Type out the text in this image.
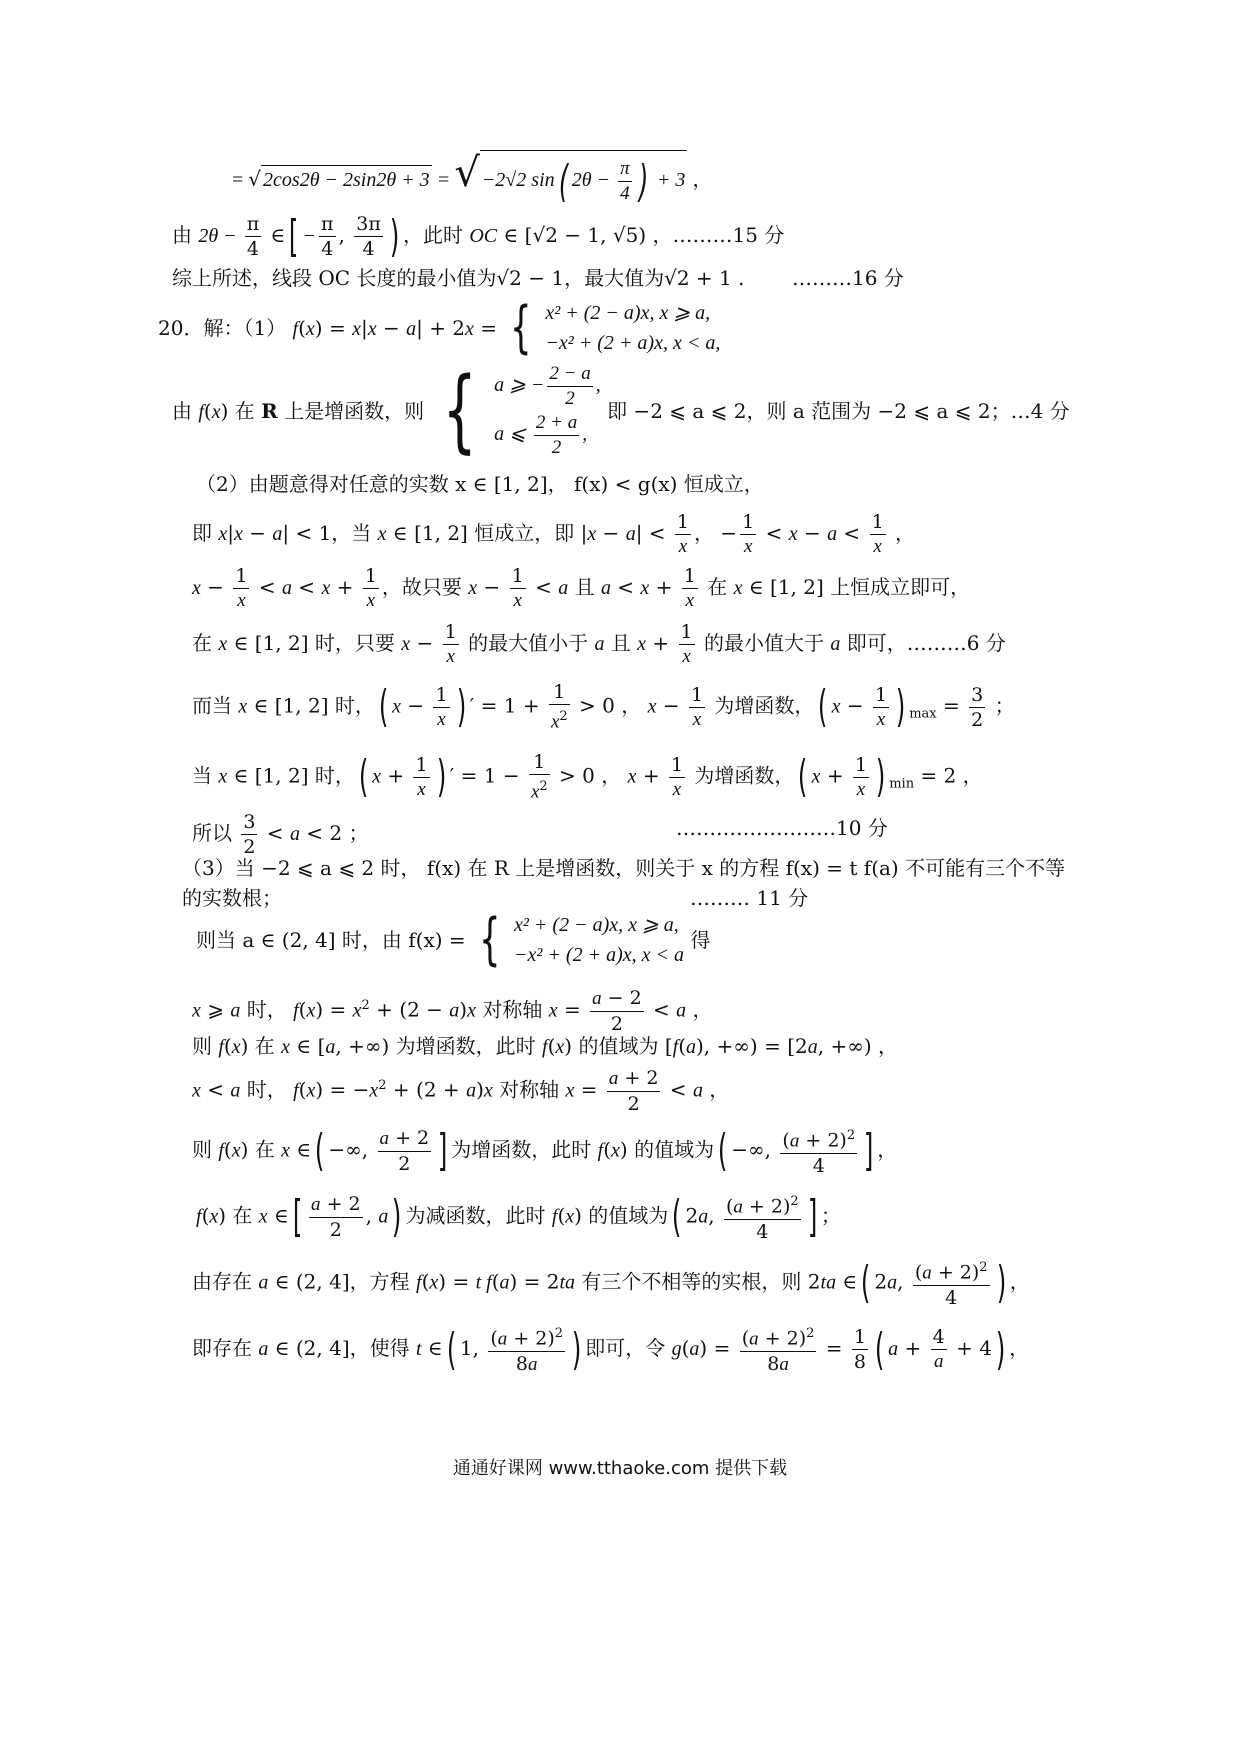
= √ 2cos2θ − 2sin2θ + 3 = √ −2√2 sin( $2\theta - \frac{\pi}{4}$ ) + 3 ，
由 $2\theta - \frac{\pi}{4}$ ∈[ − $\frac{\pi}{4}$ , $\frac{3\pi}{4}$ ) ，此时 OC ∈ [√2 − 1, √5) ，………15 分
综上所述，线段 OC 长度的最小值为√2 − 1，最大值为√2 + 1 . ………16 分
20．解：（1） f(x) = x|x − a| + 2x = { x² + (2 − a)x, x ⩾ a,
−x² + (2 + a)x, x < a,
由 f(x) 在 R 上是增函数，则 { a ⩾ − $\frac{2 - a}{2}$ ,
a ⩽ $\frac{2 + a}{2}$ ,
即 −2 ⩽ a ⩽ 2，则 a 范围为 −2 ⩽ a ⩽ 2；…4 分
（2）由题意得对任意的实数 x ∈ [1, 2]， f(x) < g(x) 恒成立，
即 x|x − a| < 1，当 x ∈ [1, 2] 恒成立，即 $|x - a| < \frac{1}{x}$ ， − $\frac{1}{x} < x - a < \frac{1}{x}$ ，
$x - \frac{1}{x} < a < x + \frac{1}{x}$ ，故只要 $x - \frac{1}{x} < a$ 且 $a < x + \frac{1}{x}$ 在 x ∈ [1, 2] 上恒成立即可，
在 x ∈ [1, 2] 时，只要 $x - \frac{1}{x}$ 的最大值小于 a 且 $x + \frac{1}{x}$ 的最小值大于 a 即可，………6 分
而当 x ∈ [1, 2] 时，( $x - \frac{1}{x}$ ) ′ = $1 + \frac{1}{x^2} > 0$ ， $x - \frac{1}{x}$ 为增函数，( $x - \frac{1}{x}$ ) $_{max} = \frac{3}{2}$ ；
当 x ∈ [1, 2] 时，( $x + \frac{1}{x}$ ) ′ = $1 - \frac{1}{x^2} > 0$ ， $x + \frac{1}{x}$ 为增函数，( $x + \frac{1}{x}$ ) $_{min}$ = 2 ，
所以 $\frac{3}{2} < a < 2$ ；	……………………10 分
（3）当 −2 ⩽ a ⩽ 2 时， f(x) 在 R 上是增函数，则关于 x 的方程 f(x) = t f(a) 不可能有三个不等
的实数根；	……… 11 分
则当 a ∈ (2, 4] 时，由 f(x) = { x² + (2 − a)x, x ⩾ a,
−x² + (2 + a)x, x < a
得
x ⩾ a 时， $f(x) = x^2 + (2 - a)x$ 对称轴 $x = \frac{a - 2}{2} < a$ ，
则 f(x) 在 x ∈ [a, +∞) 为增函数，此时 f(x) 的值域为 [f(a), +∞) = [2a, +∞) ，
x < a 时， $f(x) = -x^2 + (2 + a)x$ 对称轴 $x = \frac{a + 2}{2} < a$ ，
则 f(x) 在 x ∈( −∞, $\frac{a + 2}{2}$ ] 为增函数，此时 f(x) 的值域为( −∞, $\frac{(a + 2)^2}{4}$ ] ，
f(x) 在 x ∈[ $\frac{a + 2}{2}$ , a) 为减函数，此时 f(x) 的值域为( 2a, $\frac{(a + 2)^2}{4}$ ] ；
由存在 a ∈ (2, 4]，方程 f(x) = t f(a) = 2ta 有三个不相等的实根，则 2ta ∈( 2a, $\frac{(a + 2)^2}{4}$ ) ，
即存在 a ∈ (2, 4]，使得 t ∈( 1, $\frac{(a + 2)^2}{8a}$ ) 即可，令 $g(a) = \frac{(a + 2)^2}{8a} = \frac{1}{8}$ ( $a + \frac{4}{a} + 4$) ，
通通好课网 www.tthaoke.com 提供下载
